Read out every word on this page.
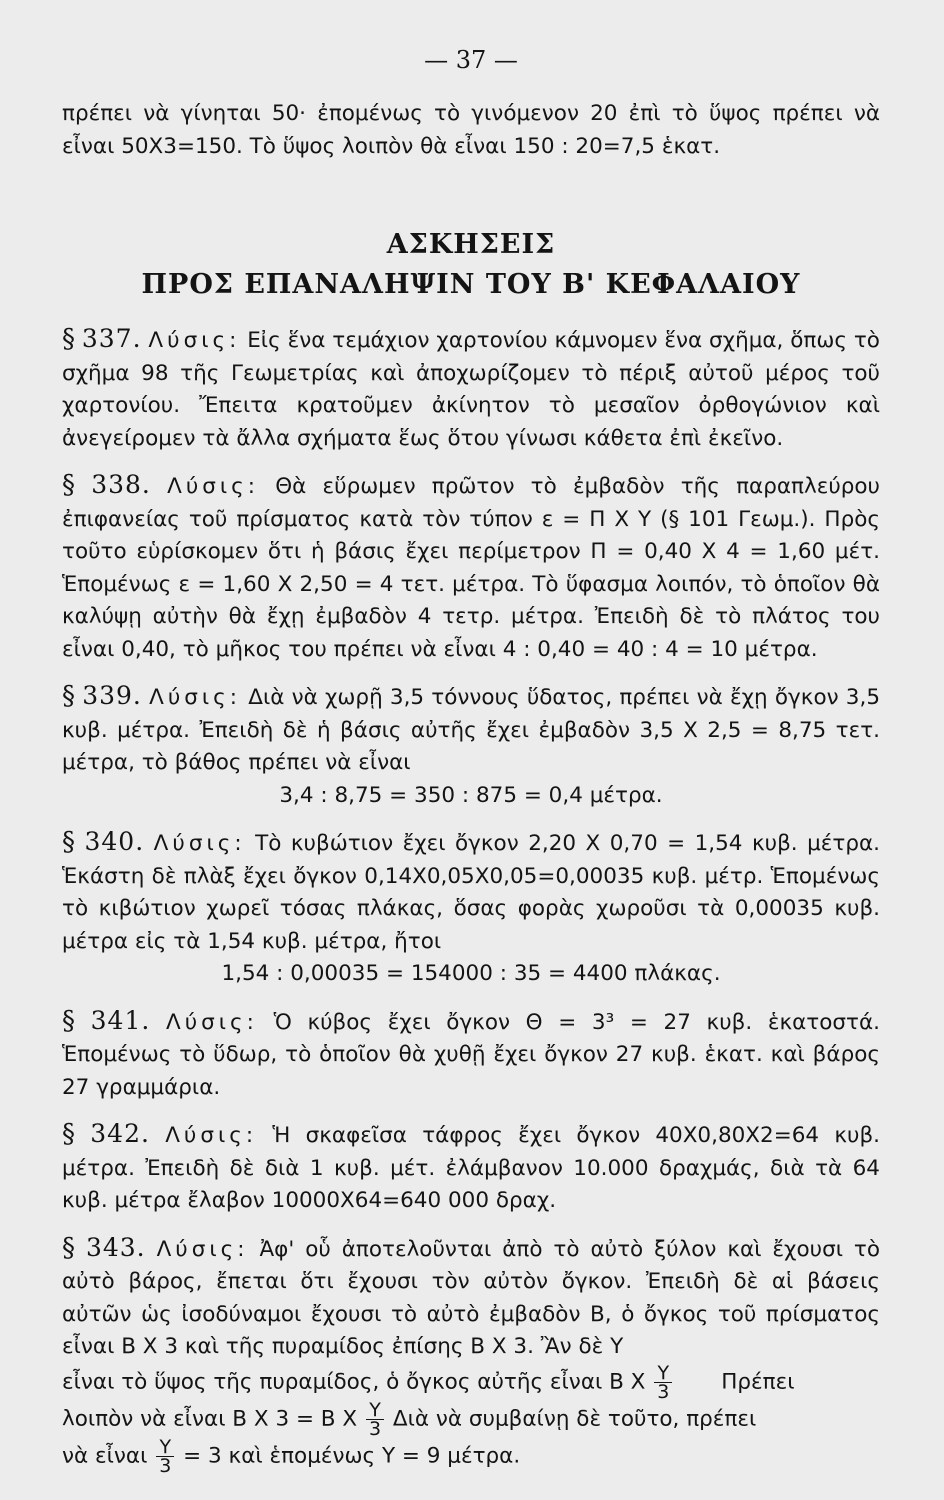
— 37 —

πρέπει νὰ γίνηται 50· ἐπομένως τὸ γινόμενον 20 ἐπὶ τὸ ὕψος πρέπει νὰ εἶναι 50Χ3=150. Τὸ ὕψος λοιπὸν θὰ εἶναι 150 : 20=7,5 ἑκατ.

ΑΣΚΗΣΕΙΣ
ΠΡΟΣ ΕΠΑΝΑΛΗΨΙΝ ΤΟΥ Β' ΚΕΦΑΛΑΙΟΥ

§ 337. Λύσις: Εἰς ἕνα τεμάχιον χαρτονίου κάμνομεν ἕνα σχῆμα, ὅπως τὸ σχῆμα 98 τῆς Γεωμετρίας καὶ ἀποχωρίζομεν τὸ πέριξ αὐτοῦ μέρος τοῦ χαρτονίου. Ἔπειτα κρατοῦμεν ἀκίνητον τὸ μεσαῖον ὀρθογώνιον καὶ ἀνεγείρομεν τὰ ἄλλα σχήματα ἕως ὅτου γίνωσι κάθετα ἐπὶ ἐκεῖνο.

§ 338. Λύσις: Θὰ εὕρωμεν πρῶτον τὸ ἐμβαδὸν τῆς παραπλεύρου ἐπιφανείας τοῦ πρίσματος κατὰ τὸν τύπον ε = Π Χ Υ (§ 101 Γεωμ.). Πρὸς τοῦτο εὑρίσκομεν ὅτι ἡ βάσις ἔχει περίμετρον Π = 0,40 Χ 4 = 1,60 μέτ. Ἑπομένως ε = 1,60 Χ 2,50 = 4 τετ. μέτρα. Τὸ ὕφασμα λοιπόν, τὸ ὁποῖον θὰ καλύψῃ αὐτὴν θὰ ἔχῃ ἐμβαδὸν 4 τετρ. μέτρα. Ἐπειδὴ δὲ τὸ πλάτος του εἶναι 0,40, τὸ μῆκος του πρέπει νὰ εἶναι 4 : 0,40 = 40 : 4 = 10 μέτρα.

§ 339. Λύσις: Διὰ νὰ χωρῇ 3,5 τόννους ὕδατος, πρέπει νὰ ἔχῃ ὄγκον 3,5 κυβ. μέτρα. Ἐπειδὴ δὲ ἡ βάσις αὐτῆς ἔχει ἐμβαδὸν 3,5 Χ 2,5 = 8,75 τετ. μέτρα, τὸ βάθος πρέπει νὰ εἶναι
3,4 : 8,75 = 350 : 875 = 0,4 μέτρα.

§ 340. Λύσις: Τὸ κυβώτιον ἔχει ὄγκον 2,20 Χ 0,70 = 1,54 κυβ. μέτρα. Ἑκάστη δὲ πλὰξ ἔχει ὄγκον 0,14Χ0,05Χ0,05=0,00035 κυβ. μέτρ. Ἑπομένως τὸ κιβώτιον χωρεῖ τόσας πλάκας, ὅσας φορὰς χωροῦσι τὰ 0,00035 κυβ. μέτρα εἰς τὰ 1,54 κυβ. μέτρα, ἤτοι
1,54 : 0,00035 = 154000 : 35 = 4400 πλάκας.

§ 341. Λύσις: Ὁ κύβος ἔχει ὄγκον Θ = 3³ = 27 κυβ. ἑκατοστά. Ἑπομένως τὸ ὕδωρ, τὸ ὁποῖον θὰ χυθῇ ἔχει ὄγκον 27 κυβ. ἑκατ. καὶ βάρος 27 γραμμάρια.

§ 342. Λύσις: Ἡ σκαφεῖσα τάφρος ἔχει ὄγκον 40Χ0,80Χ2=64 κυβ. μέτρα. Ἐπειδὴ δὲ διὰ 1 κυβ. μέτ. ἐλάμβανον 10.000 δραχμάς, διὰ τὰ 64 κυβ. μέτρα ἔλαβον 10000Χ64=640 000 δραχ.

§ 343. Λύσις: Ἀφ' οὗ ἀποτελοῦνται ἀπὸ τὸ αὐτὸ ξύλον καὶ ἔχουσι τὸ αὐτὸ βάρος, ἔπεται ὅτι ἔχουσι τὸν αὐτὸν ὄγκον. Ἐπειδὴ δὲ αἱ βάσεις αὐτῶν ὡς ἰσοδύναμοι ἔχουσι τὸ αὐτὸ ἐμβαδὸν Β, ὁ ὄγκος τοῦ πρίσματος εἶναι Β Χ 3 καὶ τῆς πυραμίδος ἐπίσης Β Χ 3. Ἂν δὲ Υ
εἶναι τὸ ὕψος τῆς πυραμίδος, ὁ ὄγκος αὐτῆς εἶναι Β Χ $\frac{\Upsilon}{3}$ Πρέπει
λοιπὸν νὰ εἶναι Β Χ 3 = Β Χ $\frac{\Upsilon}{3}$ Διὰ νὰ συμβαίνῃ δὲ τοῦτο, πρέπει
νὰ εἶναι $\frac{\Upsilon}{3} = 3$ καὶ ἑπομένως Υ = 9 μέτρα.
